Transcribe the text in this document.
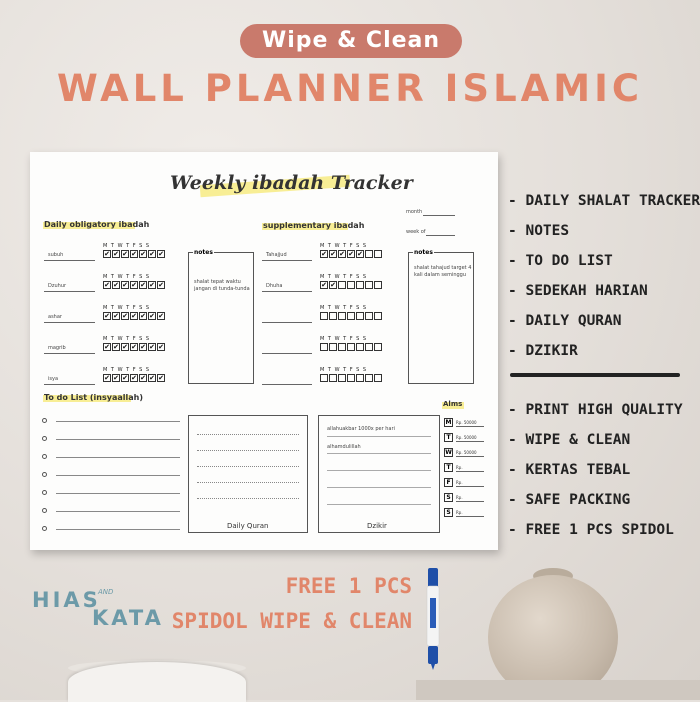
Wipe & Clean
WALL PLANNER ISLAMIC
Weekly ibadah Tracker
month
week of
Daily obligatory ibadah	supplementary ibadah
subuh
MTWTFSS
✔ ✔ ✔ ✔ ✔ ✔ ✔
Dzuhur
MTWTFSS
✔ ✔ ✔ ✔ ✔ ✔ ✔
ashar
MTWTFSS
✔ ✔ ✔ ✔ ✔ ✔ ✔
magrib
MTWTFSS
✔ ✔ ✔ ✔ ✔ ✔ ✔
isya
MTWTFSS
✔ ✔ ✔ ✔ ✔ ✔ ✔
Tahajjud
MTWTFSS
✔ ✔ ✔ ✔ ✔
Dhuha
MTWTFSS
✔ ✔
MTWTFSS
MTWTFSS
MTWTFSS
notes
shalat tepat waktu jangan di tunda-tunda
notes
shalat tahajud target 4 kali dalam seminggu
To do List (insyaallah)
Daily Quran
allahuakbar 1000x per hari
alhamdulillah
Dzikir
Alms
M	Rp. 50000
T	Rp. 50000
W Rp. 50000
T	Rp.
F	Rp.
S	Rp.
S	Rp.
- DAILY SHALAT TRACKER
- NOTES
- TO DO LIST
- SEDEKAH HARIAN
- DAILY QURAN
- DZIKIR
- PRINT HIGH QUALITY
- WIPE & CLEAN
- KERTAS TEBAL
- SAFE PACKING
- FREE 1 PCS SPIDOL
HIAS
AND
KATA
FREE 1 PCS
SPIDOL WIPE & CLEAN
